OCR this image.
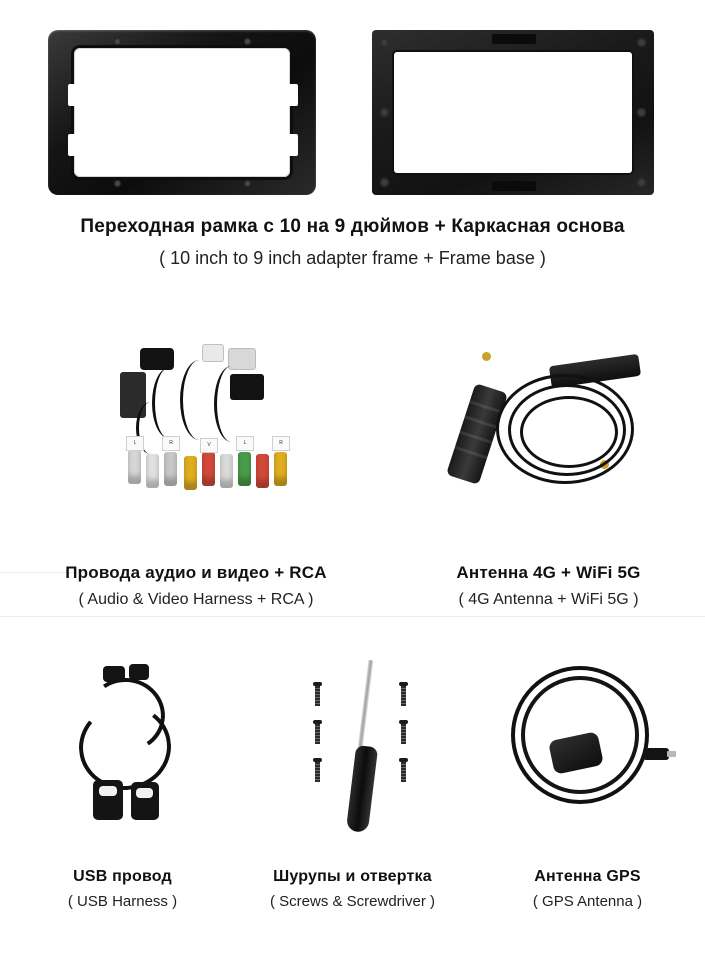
Переходная рамка с 10 на 9 дюймов + Каркасная основа
( 10 inch to 9 inch adapter frame + Frame base )
L	R	V	L	R
Провода аудио и видео + RCA
( Audio & Video Harness + RCA )
Антенна 4G + WiFi 5G
( 4G Antenna + WiFi 5G )
USB провод
( USB Harness )
Шурупы и отвертка
( Screws & Screwdriver )
Антенна GPS
( GPS Antenna )
